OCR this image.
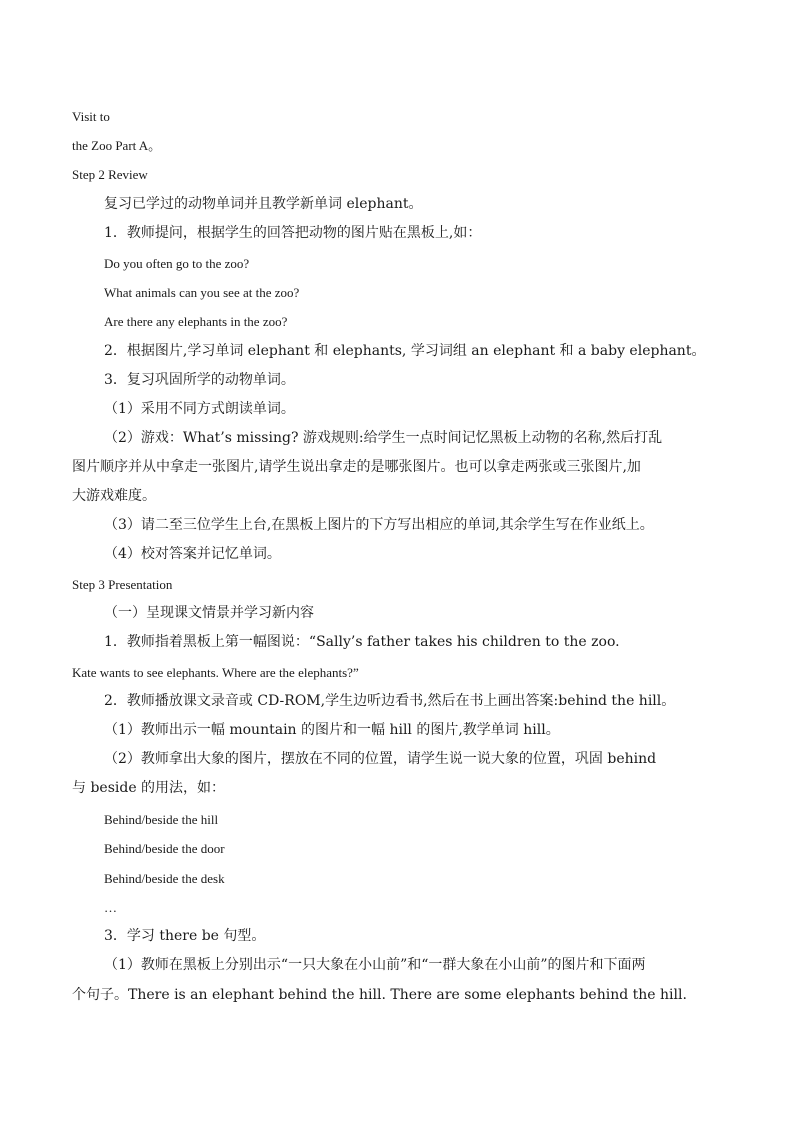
Visit to
the Zoo Part A。
Step 2 Review
复习已学过的动物单词并且教学新单词 elephant。
1．教师提问，根据学生的回答把动物的图片贴在黑板上,如：
Do you often go to the zoo?
What animals can you see at the zoo?
Are there any elephants in the zoo?
2．根据图片,学习单词 elephant 和 elephants, 学习词组 an elephant 和 a baby elephant。
3．复习巩固所学的动物单词。
（1）采用不同方式朗读单词。
（2）游戏：What’s missing? 游戏规则:给学生一点时间记忆黑板上动物的名称,然后打乱
图片顺序并从中拿走一张图片,请学生说出拿走的是哪张图片。也可以拿走两张或三张图片,加
大游戏难度。
（3）请二至三位学生上台,在黑板上图片的下方写出相应的单词,其余学生写在作业纸上。
（4）校对答案并记忆单词。
Step 3 Presentation
（一）呈现课文情景并学习新内容
1．教师指着黑板上第一幅图说：“Sally’s father takes his children to the zoo.
Kate wants to see elephants. Where are the elephants?”
2．教师播放课文录音或 CD-ROM,学生边听边看书,然后在书上画出答案:behind the hill。
（1）教师出示一幅 mountain 的图片和一幅 hill 的图片,教学单词 hill。
（2）教师拿出大象的图片，摆放在不同的位置，请学生说一说大象的位置，巩固 behind
与 beside 的用法，如：
Behind/beside the hill
Behind/beside the door
Behind/beside the desk
…
3．学习 there be 句型。
（1）教师在黑板上分别出示“一只大象在小山前”和“一群大象在小山前”的图片和下面两
个句子。There is an elephant behind the hill. There are some elephants behind the hill.
